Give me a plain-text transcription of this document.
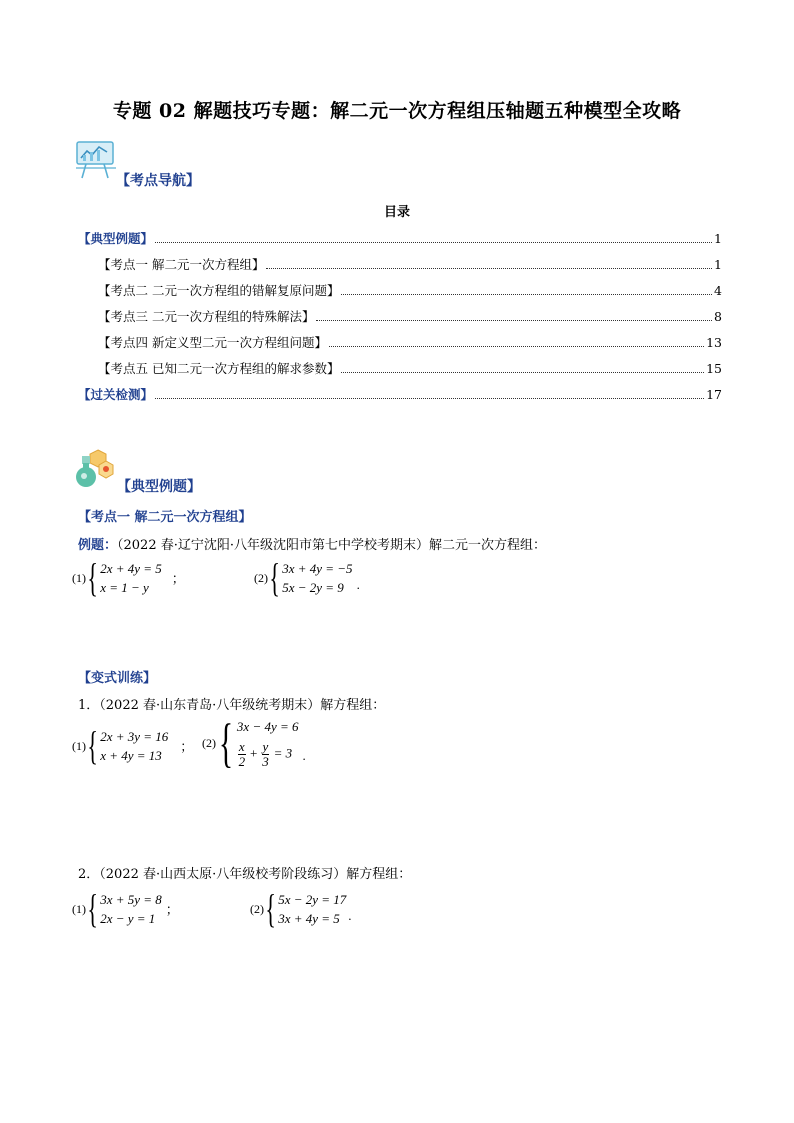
专题 02 解题技巧专题：解二元一次方程组压轴题五种模型全攻略
【考点导航】
目录
【典型例题】	1
【考点一 解二元一次方程组】	1
【考点二 二元一次方程组的错解复原问题】	4
【考点三 二元一次方程组的特殊解法】	8
【考点四 新定义型二元一次方程组问题】	13
【考点五 已知二元一次方程组的解求参数】	15
【过关检测】	17
【典型例题】
【考点一 解二元一次方程组】
例题：（2022 春·辽宁沈阳·八年级沈阳市第七中学校考期末）解二元一次方程组：
(1) { 2x + 4y = 5
x = 1 − y
；	(2) { 3x + 4y = −5
5x − 2y = 9 .
【变式训练】
1．（2022 春·山东青岛·八年级统考期末）解方程组：
(1) { 2x + 3y = 16
x + 4y = 13
； (2) { 3x − 4y = 6
$\frac{x}{2} + \frac{y}{3} = 3$ .
2．（2022 春·山西太原·八年级校考阶段练习）解方程组：
(1) { 3x + 5y = 8
2x − y = 1
；	(2) { 5x − 2y = 17
3x + 4y = 5 .
